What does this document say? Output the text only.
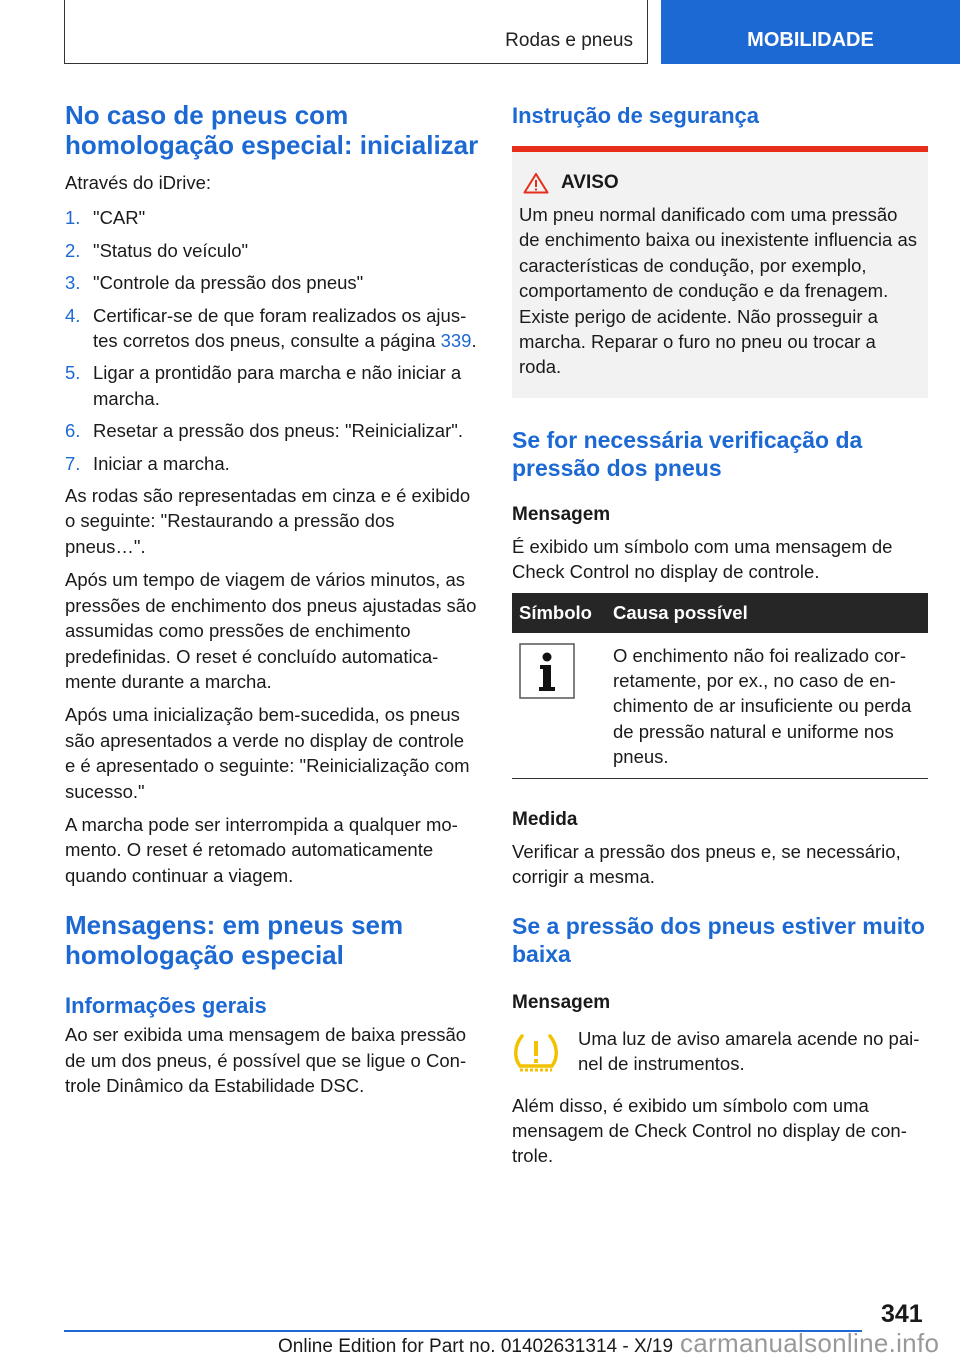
Rodas e pneus	MOBILIDADE
No caso de pneus com homologação especial: inicializar

Através do iDrive:

1. "CAR"
2. "Status do veículo"
3. "Controle da pressão dos pneus"
4. Certificar-se de que foram realizados os ajustes corretos dos pneus, consulte a página 339.
5. Ligar a prontidão para marcha e não iniciar a marcha.
6. Resetar a pressão dos pneus: "Reinicializar".
7. Iniciar a marcha.

As rodas são representadas em cinza e é exibido o seguinte: "Restaurando a pressão dos pneus…".

Após um tempo de viagem de vários minutos, as pressões de enchimento dos pneus ajustadas são assumidas como pressões de enchimento predefinidas. O reset é concluído automaticamente durante a marcha.

Após uma inicialização bem-sucedida, os pneus são apresentados a verde no display de controle e é apresentado o seguinte: "Reinicialização com sucesso."

A marcha pode ser interrompida a qualquer momento. O reset é retomado automaticamente quando continuar a viagem.

Mensagens: em pneus sem homologação especial
Informações gerais

Ao ser exibida uma mensagem de baixa pressão de um dos pneus, é possível que se ligue o Controle Dinâmico da Estabilidade DSC.

Instrução de segurança
AVISO

Um pneu normal danificado com uma pressão de enchimento baixa ou inexistente influencia as características de condução, por exemplo, comportamento de condução e da frenagem. Existe perigo de acidente. Não prosseguir a marcha. Reparar o furo no pneu ou trocar a roda.

Se for necessária verificação da pressão dos pneus
Mensagem

É exibido um símbolo com uma mensagem de Check Control no display de controle.

Símbolo	Causa possível
	O enchimento não foi realizado corretamente, por ex., no caso de enchimento de ar insuficiente ou perda de pressão natural e uniforme nos pneus.
Medida

Verificar a pressão dos pneus e, se necessário, corrigir a mesma.

Se a pressão dos pneus estiver muito baixa
Mensagem

Uma luz de aviso amarela acende no painel de instrumentos.

Além disso, é exibido um símbolo com uma mensagem de Check Control no display de controle.

341
Online Edition for Part no. 01402631314 - X/19 carmanualsonline.info
